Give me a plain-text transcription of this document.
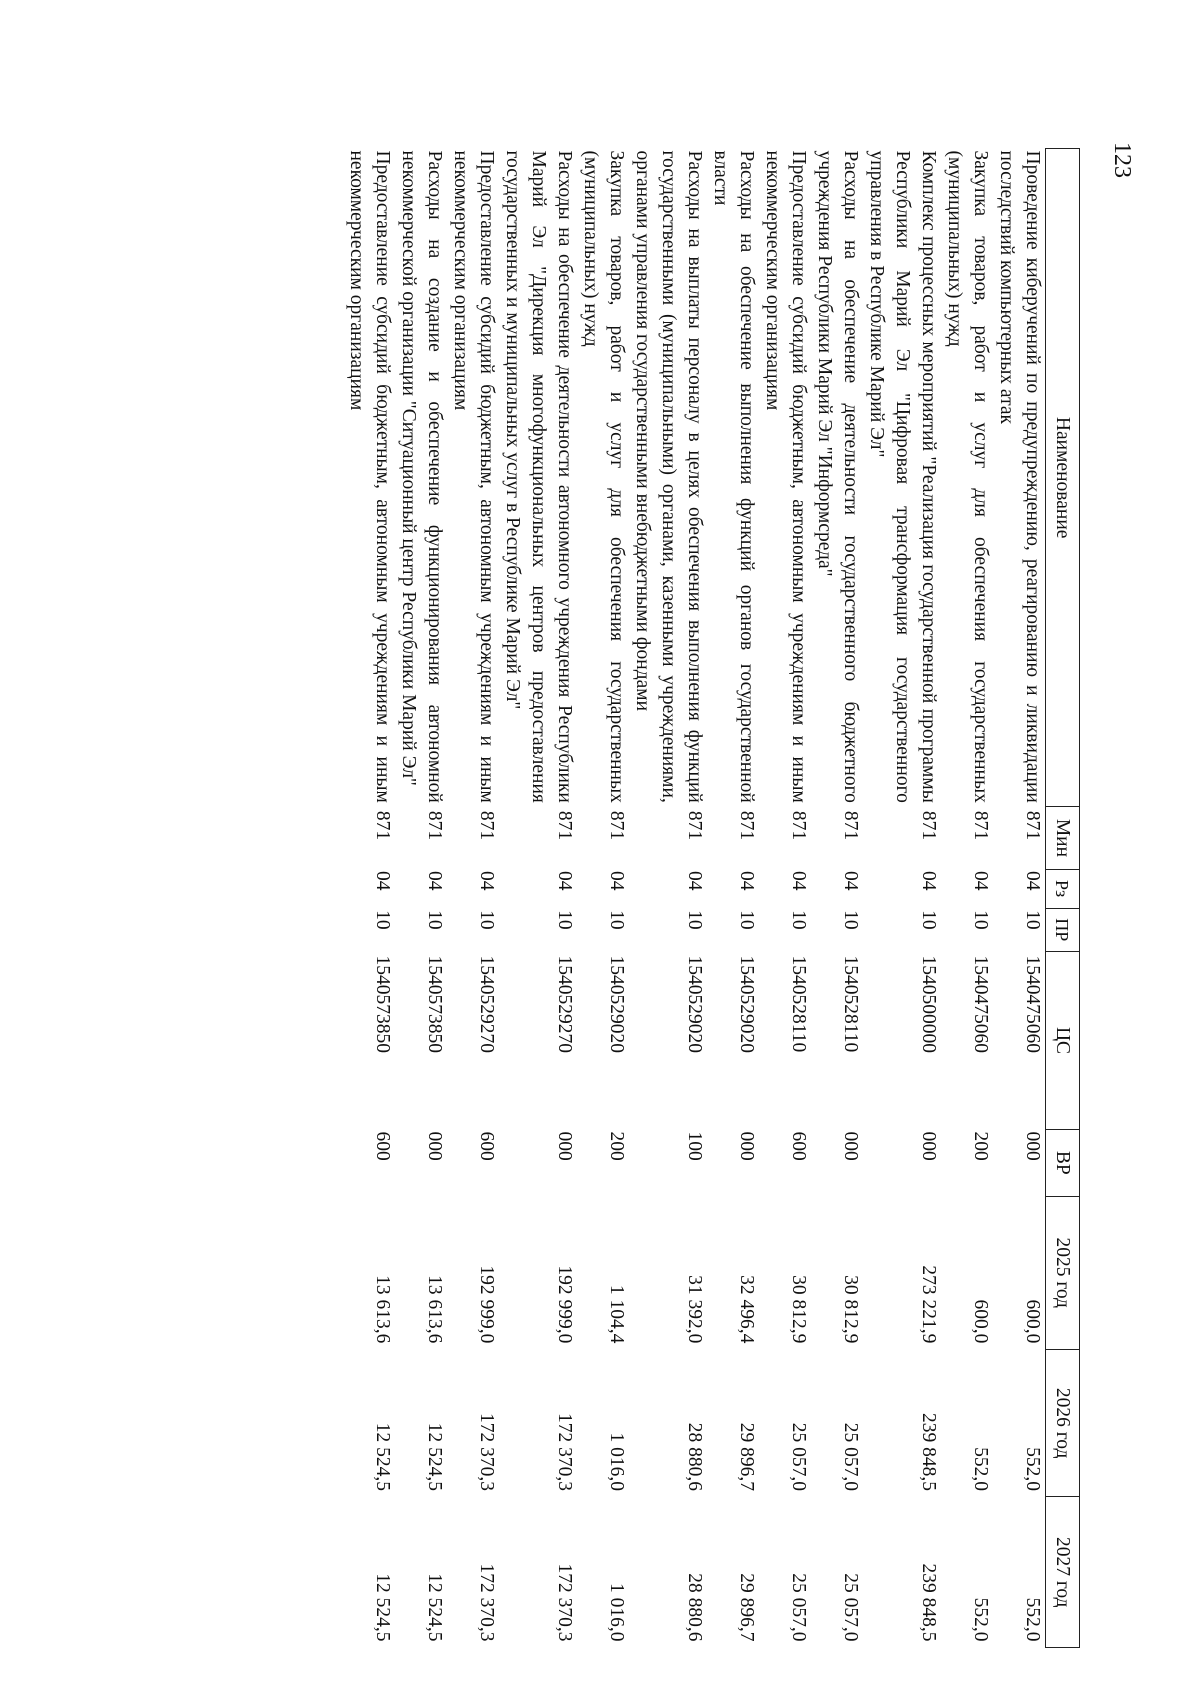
123
Наименование	Мин	Рз	ПР	ЦС	ВР	2025 год	2026 год	2027 год
Проведение киберучений по предупреждению, реагированию и ликвидации последствий компьютерных атак	871	04	10	1540475060	000	600,0	552,0	552,0
Закупка товаров, работ и услуг для обеспечения государственных (муниципальных) нужд	871	04	10	1540475060	200	600,0	552,0	552,0
Комплекс процессных мероприятий "Реализация государственной программы Республики Марий Эл "Цифровая трансформация государственного управления в Республике Марий Эл"	871	04	10	1540500000	000	273 221,9	239 848,5	239 848,5
Расходы на обеспечение деятельности государственного бюджетного учреждения Республики Марий Эл "Информсреда"	871	04	10	1540528110	000	30 812,9	25 057,0	25 057,0
Предоставление субсидий бюджетным, автономным учреждениям и иным некоммерческим организациям	871	04	10	1540528110	600	30 812,9	25 057,0	25 057,0
Расходы на обеспечение выполнения функций органов государственной власти	871	04	10	1540529020	000	32 496,4	29 896,7	29 896,7
Расходы на выплаты персоналу в целях обеспечения выполнения функций государственными (муниципальными) органами, казенными учреждениями, органами управления государственными внебюджетными фондами	871	04	10	1540529020	100	31 392,0	28 880,6	28 880,6
Закупка товаров, работ и услуг для обеспечения государственных (муниципальных) нужд	871	04	10	1540529020	200	1 104,4	1 016,0	1 016,0
Расходы на обеспечение деятельности автономного учреждения Республики Марий Эл "Дирекция многофункциональных центров предоставления государственных и муниципальных услуг в Республике Марий Эл"	871	04	10	1540529270	000	192 999,0	172 370,3	172 370,3
Предоставление субсидий бюджетным, автономным учреждениям и иным некоммерческим организациям	871	04	10	1540529270	600	192 999,0	172 370,3	172 370,3
Расходы на создание и обеспечение функционирования автономной некоммерческой организации "Ситуационный центр Республики Марий Эл"	871	04	10	1540573850	000	13 613,6	12 524,5	12 524,5
Предоставление субсидий бюджетным, автономным учреждениям и иным некоммерческим организациям	871	04	10	1540573850	600	13 613,6	12 524,5	12 524,5
